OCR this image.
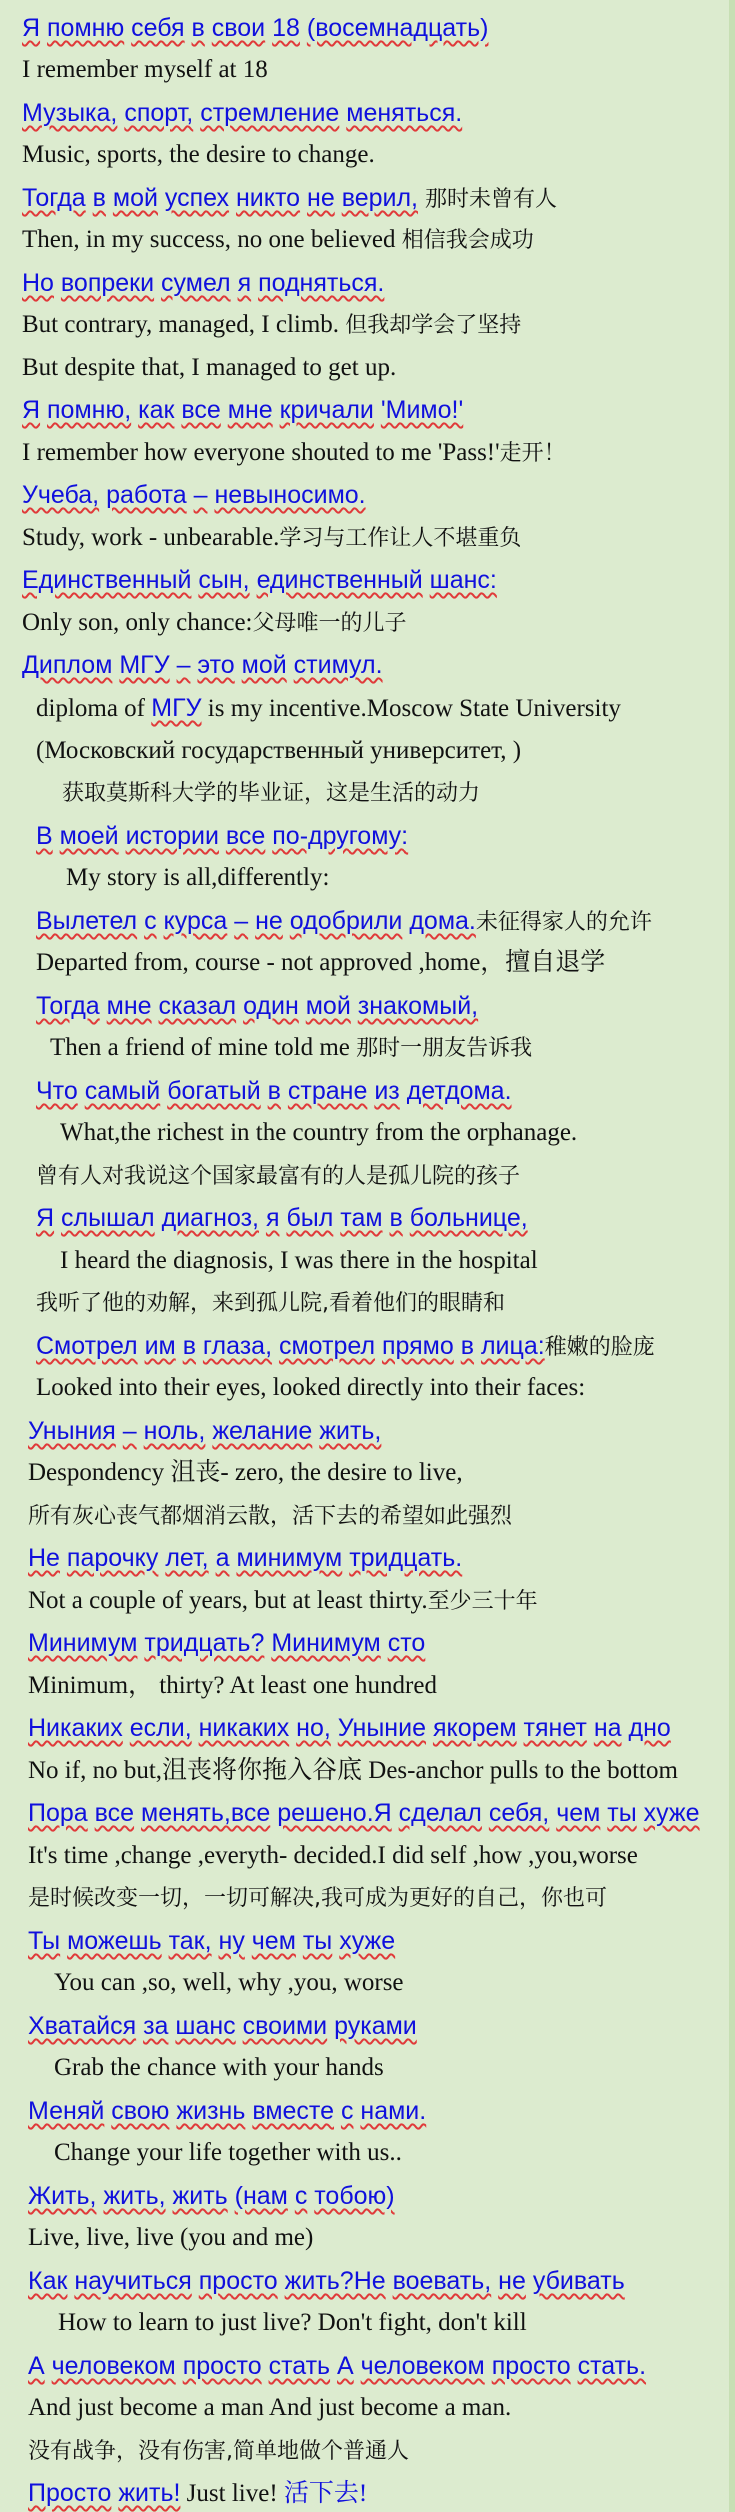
Я помню себя в свои 18 (восемнадцать)
I remember myself at 18
Музыка, спорт, стремление меняться.
Music, sports, the desire to change.
Тогда в мой успех никто не верил, 那时未曾有人
Then, in my success, no one believed 相信我会成功
Но вопреки сумел я подняться.
But contrary, managed, I climb. 但我却学会了坚持
But despite that, I managed to get up.
Я помню, как все мне кричали 'Мимо!'
I remember how everyone shouted to me 'Pass!'走开！
Учеба, работа – невыносимо.
Study, work - unbearable.学习与工作让人不堪重负
Единственный сын, единственный шанс:
Only son, only chance:父母唯一的儿子
Диплом МГУ – это мой стимул.
diploma of МГУ is my incentive.Moscow State University
(Московский государственный университет, )
获取莫斯科大学的毕业证，这是生活的动力
В моей истории все по-другому:
My story is all,differently:
Вылетел с курса – не одобрили дома.未征得家人的允许
Departed from, course - not approved ,home，擅自退学
Тогда мне сказал один мой знакомый,
Then a friend of mine told me 那时一朋友告诉我
Что самый богатый в стране из детдома.
What,the richest in the country from the orphanage.
曾有人对我说这个国家最富有的人是孤儿院的孩子
Я слышал диагноз, я был там в больнице,
I heard the diagnosis, I was there in the hospital
我听了他的劝解，来到孤儿院,看着他们的眼睛和
Смотрел им в глаза, смотрел прямо в лица:稚嫩的脸庞
Looked into their eyes, looked directly into their faces:
Уныния – ноль, желание жить,
Despondency 沮丧- zero, the desire to live,
所有灰心丧气都烟消云散，活下去的希望如此强烈
Не парочку лет, а минимум тридцать.
Not a couple of years, but at least thirty.至少三十年
Минимум тридцать? Минимум сто
Minimum， thirty? At least one hundred
Никаких если, никаких но, Уныние якорем тянет на дно
No if, no but,沮丧将你拖入谷底 Des-anchor pulls to the bottom
Пора все менять,все решено.Я сделал себя, чем ты хуже
It's time ,change ,everyth- decided.I did self ,how ,you,worse
是时候改变一切，一切可解决,我可成为更好的自己，你也可
Ты можешь так, ну чем ты хуже
You can ,so, well, why ,you, worse
Хватайся за шанс своими руками
Grab the chance with your hands
Меняй свою жизнь вместе с нами.
Change your life together with us..
Жить, жить, жить (нам с тобою)
Live, live, live (you and me)
Как научиться просто жить?Не воевать, не убивать
How to learn to just live? Don't fight, don't kill
А человеком просто стать А человеком просто стать.
And just become a man And just become a man.
没有战争，没有伤害,简单地做个普通人
Просто жить! Just live! 活下去!
